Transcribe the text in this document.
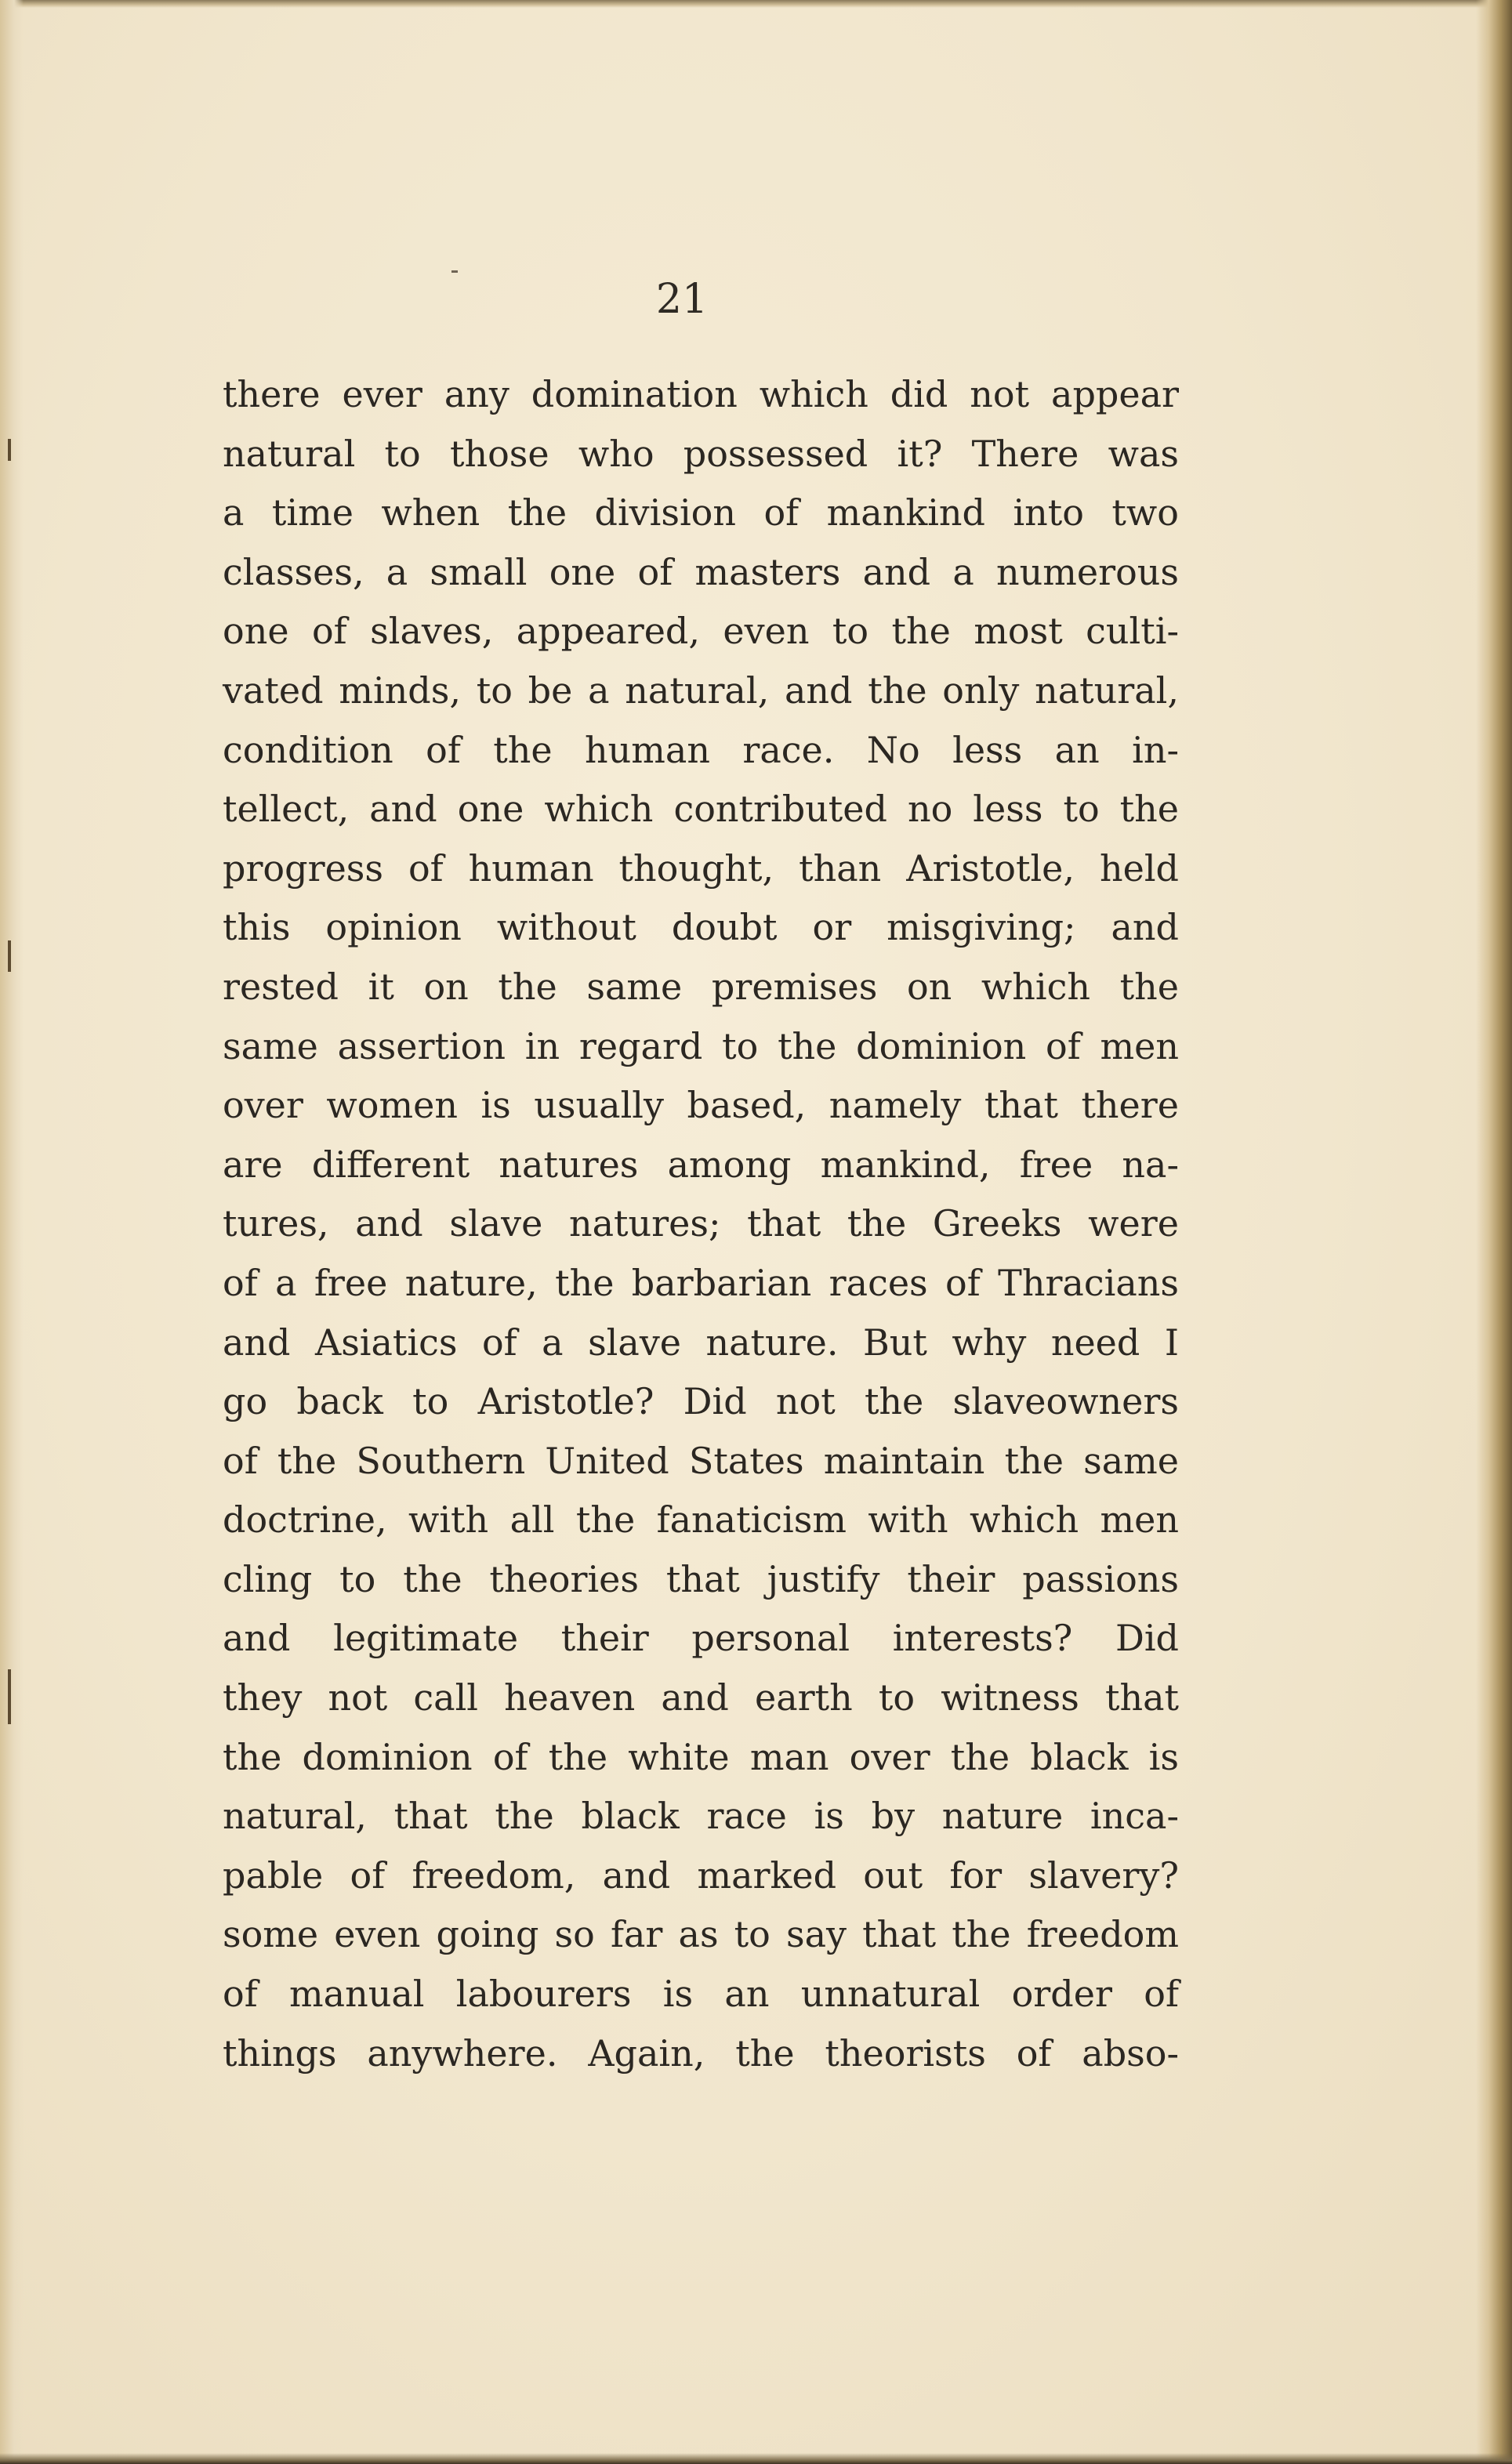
21
there ever any domination which did not appear
natural to those who possessed it? There was
a time when the division of mankind into two
classes, a small one of masters and a numerous
one of slaves, appeared, even to the most culti-
vated minds, to be a natural, and the only natural,
condition of the human race. No less an in-
tellect, and one which contributed no less to the
progress of human thought, than Aristotle, held
this opinion without doubt or misgiving; and
rested it on the same premises on which the
same assertion in regard to the dominion of men
over women is usually based, namely that there
are different natures among mankind, free na-
tures, and slave natures; that the Greeks were
of a free nature, the barbarian races of Thracians
and Asiatics of a slave nature. But why need I
go back to Aristotle? Did not the slaveowners
of the Southern United States maintain the same
doctrine, with all the fanaticism with which men
cling to the theories that justify their passions
and legitimate their personal interests? Did
they not call heaven and earth to witness that
the dominion of the white man over the black is
natural, that the black race is by nature inca-
pable of freedom, and marked out for slavery?
some even going so far as to say that the freedom
of manual labourers is an unnatural order of
things anywhere. Again, the theorists of abso-
